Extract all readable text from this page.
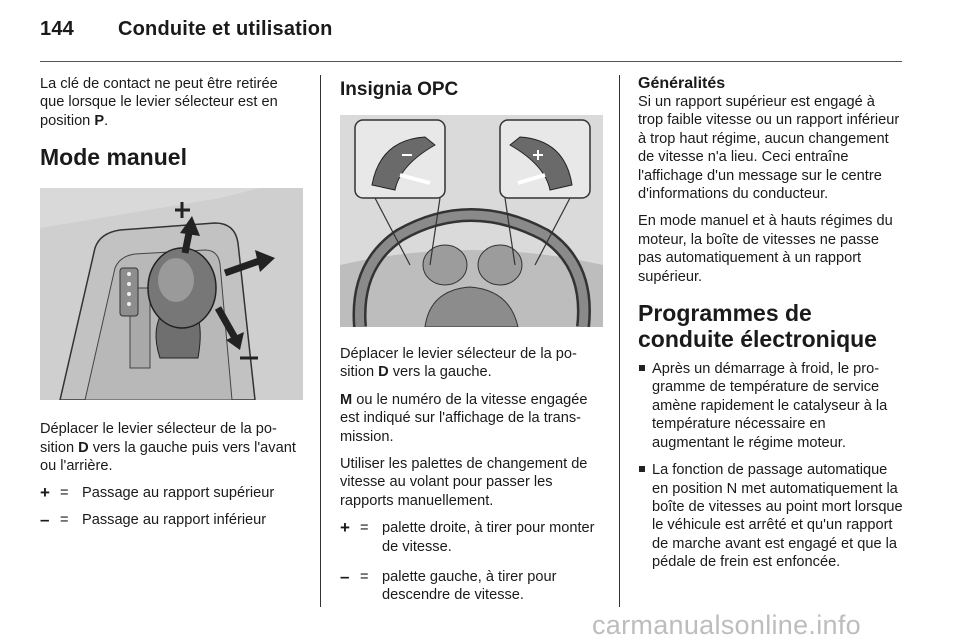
144 Conduite et utilisation

La clé de contact ne peut être retirée que lorsque le levier sélecteur est en position P.

Mode manuel

Déplacer le levier sélecteur de la position D vers la gauche puis vers l'avant ou l'arrière.

+ = Passage au rapport supérieur
– = Passage au rapport inférieur
Insignia OPC

Déplacer le levier sélecteur de la position D vers la gauche.

M ou le numéro de la vitesse engagée est indiqué sur l'affichage de la transmission.

Utiliser les palettes de changement de vitesse au volant pour passer les rapports manuellement.

+ = palette droite, à tirer pour monter de vitesse.
– = palette gauche, à tirer pour descendre de vitesse.
Généralités

Si un rapport supérieur est engagé à trop faible vitesse ou un rapport inférieur à trop haut régime, aucun changement de vitesse n'a lieu. Ceci entraîne l'affichage d'un message sur le centre d'informations du conducteur.

En mode manuel et à hauts régimes du moteur, la boîte de vitesses ne passe pas automatiquement à un rapport supérieur.

Programmes de conduite électronique
Après un démarrage à froid, le programme de température de service amène rapidement le catalyseur à la température nécessaire en augmentant le régime moteur.
La fonction de passage automatique en position N met automatiquement la boîte de vitesses au point mort lorsque le véhicule est arrêté et qu'un rapport de marche avant est engagé et que la pédale de frein est enfoncée.
carmanualsonline.info
